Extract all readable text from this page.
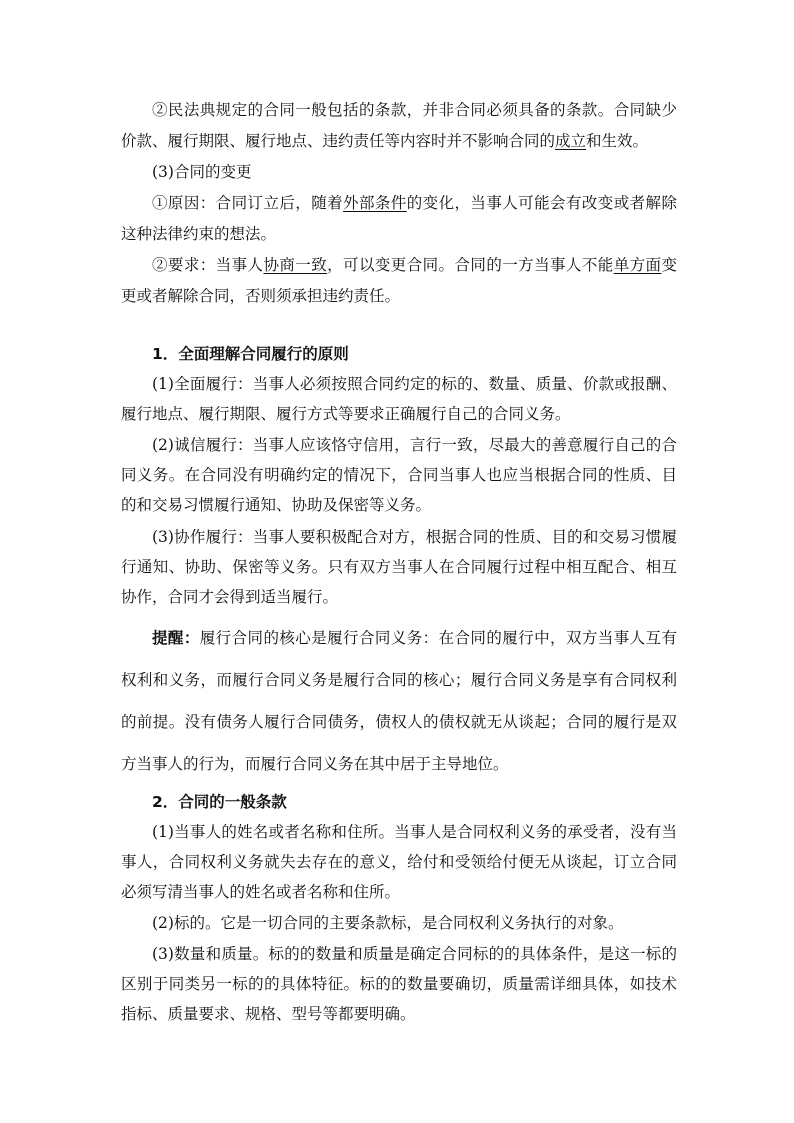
②民法典规定的合同一般包括的条款，并非合同必须具备的条款。合同缺少价款、履行期限、履行地点、违约责任等内容时并不影响合同的成立和生效。

(3)合同的变更

①原因：合同订立后，随着外部条件的变化，当事人可能会有改变或者解除这种法律约束的想法。

②要求：当事人协商一致，可以变更合同。合同的一方当事人不能单方面变更或者解除合同，否则须承担违约责任。

1．全面理解合同履行的原则

(1)全面履行：当事人必须按照合同约定的标的、数量、质量、价款或报酬、履行地点、履行期限、履行方式等要求正确履行自己的合同义务。

(2)诚信履行：当事人应该恪守信用，言行一致，尽最大的善意履行自己的合同义务。在合同没有明确约定的情况下，合同当事人也应当根据合同的性质、目的和交易习惯履行通知、协助及保密等义务。

(3)协作履行：当事人要积极配合对方，根据合同的性质、目的和交易习惯履行通知、协助、保密等义务。只有双方当事人在合同履行过程中相互配合、相互协作，合同才会得到适当履行。

提醒：履行合同的核心是履行合同义务：在合同的履行中，双方当事人互有权利和义务，而履行合同义务是履行合同的核心；履行合同义务是享有合同权利的前提。没有债务人履行合同债务，债权人的债权就无从谈起；合同的履行是双方当事人的行为，而履行合同义务在其中居于主导地位。

2．合同的一般条款

(1)当事人的姓名或者名称和住所。当事人是合同权利义务的承受者，没有当事人，合同权利义务就失去存在的意义，给付和受领给付便无从谈起，订立合同必须写清当事人的姓名或者名称和住所。

(2)标的。它是一切合同的主要条款标，是合同权利义务执行的对象。

(3)数量和质量。标的的数量和质量是确定合同标的的具体条件，是这一标的区别于同类另一标的的具体特征。标的的数量要确切，质量需详细具体，如技术指标、质量要求、规格、型号等都要明确。
